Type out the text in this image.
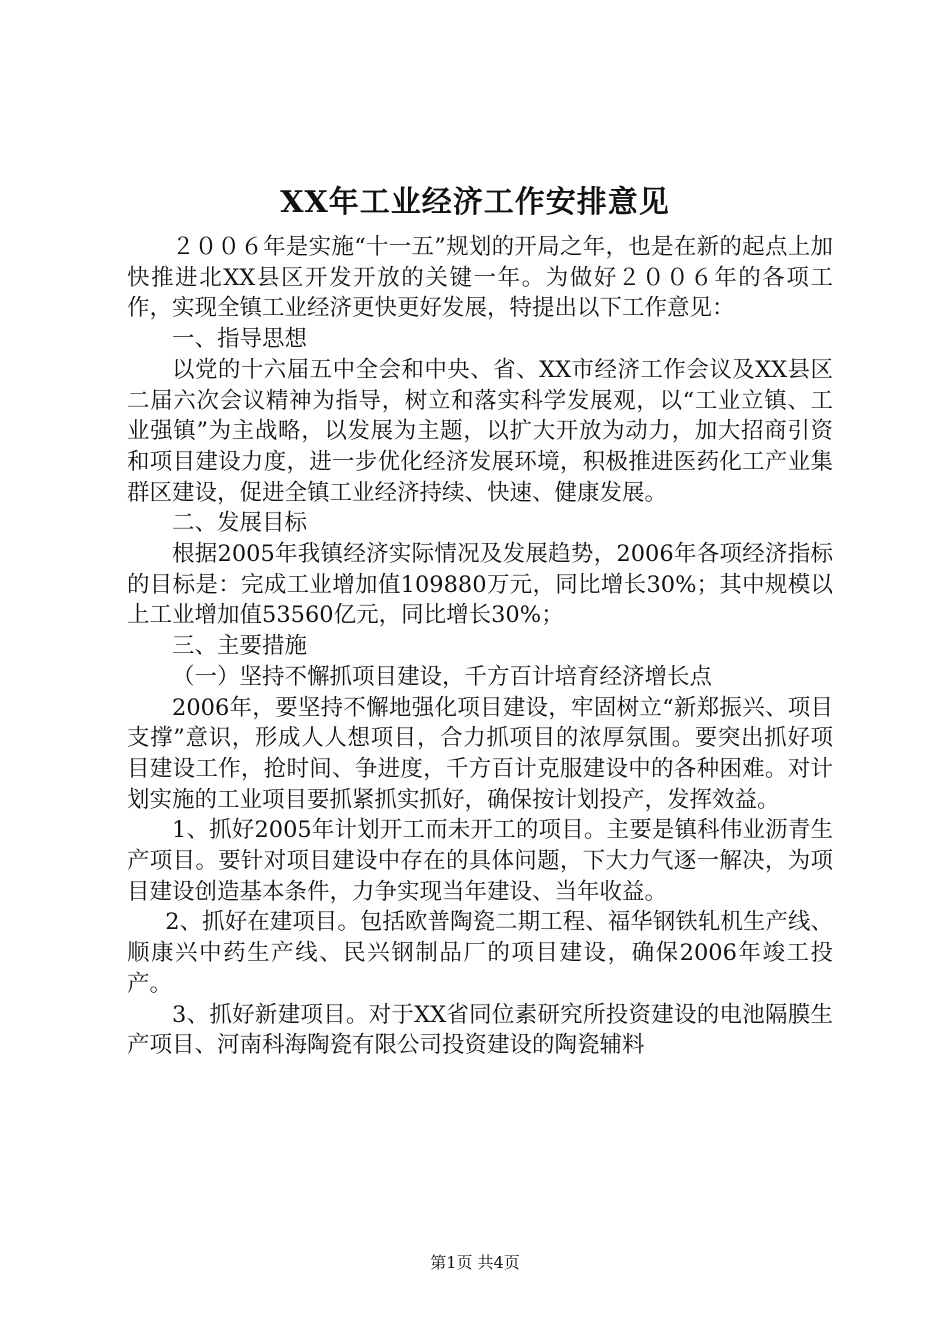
XX年工业经济工作安排意见

２００６年是实施“十一五”规划的开局之年，也是在新的起点上加快推进北XX县区开发开放的关键一年。为做好２００６年的各项工作，实现全镇工业经济更快更好发展，特提出以下工作意见：

一、指导思想

以党的十六届五中全会和中央、省、XX市经济工作会议及XX县区二届六次会议精神为指导，树立和落实科学发展观，以“工业立镇、工业强镇”为主战略，以发展为主题，以扩大开放为动力，加大招商引资和项目建设力度，进一步优化经济发展环境，积极推进医药化工产业集群区建设，促进全镇工业经济持续、快速、健康发展。

二、发展目标

根据2005年我镇经济实际情况及发展趋势，2006年各项经济指标的目标是：完成工业增加值109880万元，同比增长30%；其中规模以上工业增加值53560亿元，同比增长30%；

三、主要措施

（一）坚持不懈抓项目建设，千方百计培育经济增长点

2006年，要坚持不懈地强化项目建设，牢固树立“新郑振兴、项目支撑”意识，形成人人想项目，合力抓项目的浓厚氛围。要突出抓好项目建设工作，抢时间、争进度，千方百计克服建设中的各种困难。对计划实施的工业项目要抓紧抓实抓好，确保按计划投产，发挥效益。

1、抓好2005年计划开工而未开工的项目。主要是镇科伟业沥青生产项目。要针对项目建设中存在的具体问题，下大力气逐一解决，为项目建设创造基本条件，力争实现当年建设、当年收益。

2、抓好在建项目。包括欧普陶瓷二期工程、福华钢铁轧机生产线、顺康兴中药生产线、民兴钢制品厂的项目建设，确保2006年竣工投产。

3、抓好新建项目。对于XX省同位素研究所投资建设的电池隔膜生产项目、河南科海陶瓷有限公司投资建设的陶瓷辅料

第1页 共4页
